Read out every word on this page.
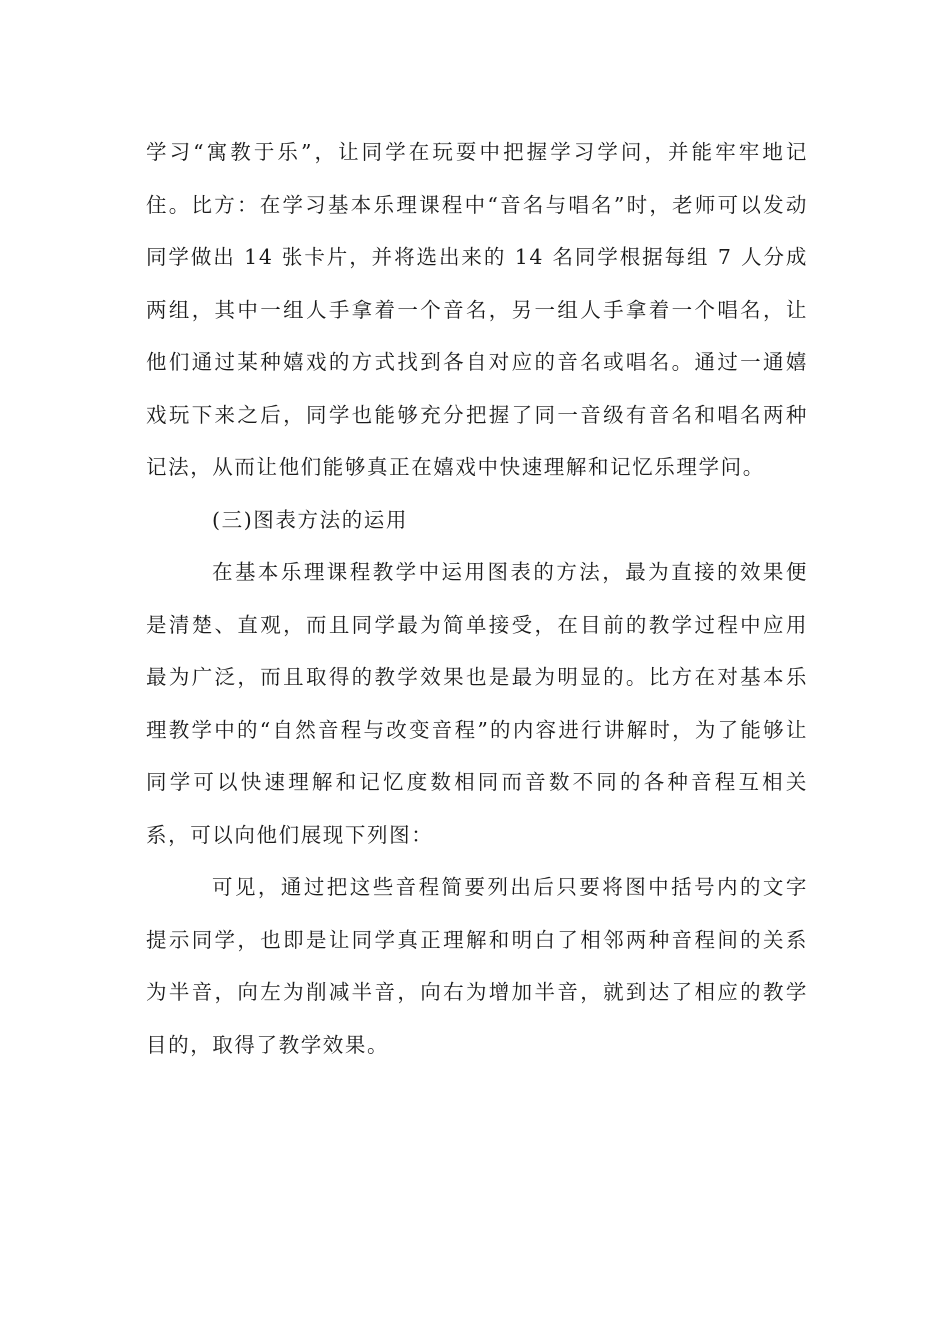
学习“寓教于乐”，让同学在玩耍中把握学习学问，并能牢牢地记住。比方：在学习基本乐理课程中“音名与唱名”时，老师可以发动同学做出 14 张卡片，并将选出来的 14 名同学根据每组 7 人分成两组，其中一组人手拿着一个音名，另一组人手拿着一个唱名，让他们通过某种嬉戏的方式找到各自对应的音名或唱名。通过一通嬉戏玩下来之后，同学也能够充分把握了同一音级有音名和唱名两种记法，从而让他们能够真正在嬉戏中快速理解和记忆乐理学问。

(三)图表方法的运用

在基本乐理课程教学中运用图表的方法，最为直接的效果便是清楚、直观，而且同学最为简单接受，在目前的教学过程中应用最为广泛，而且取得的教学效果也是最为明显的。比方在对基本乐理教学中的“自然音程与改变音程”的内容进行讲解时，为了能够让同学可以快速理解和记忆度数相同而音数不同的各种音程互相关系，可以向他们展现下列图：

可见，通过把这些音程简要列出后只要将图中括号内的文字提示同学，也即是让同学真正理解和明白了相邻两种音程间的关系为半音，向左为削减半音，向右为增加半音，就到达了相应的教学目的，取得了教学效果。
